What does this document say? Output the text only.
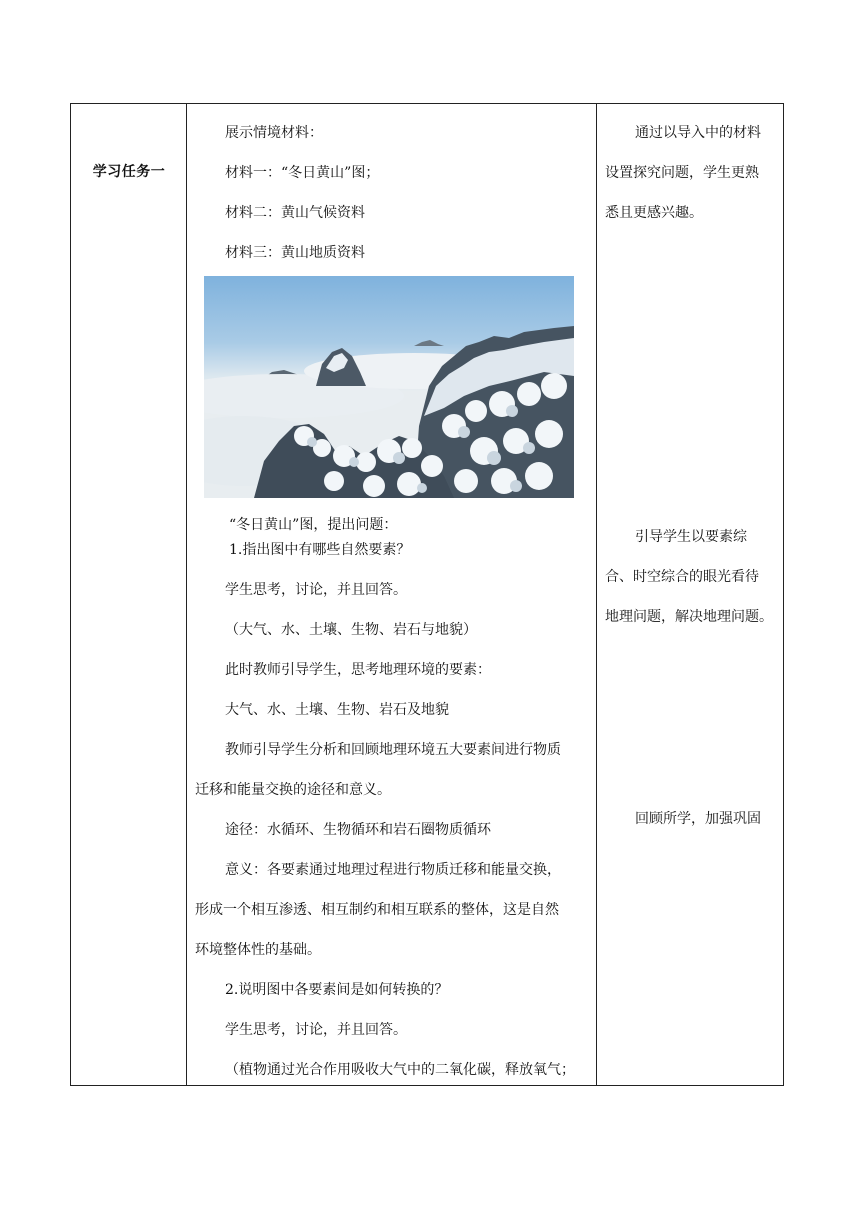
学习任务一
展示情境材料：
材料一：“冬日黄山”图；
材料二：黄山气候资料
材料三：黄山地质资料
“冬日黄山”图，提出问题：
1.指出图中有哪些自然要素？
学生思考，讨论，并且回答。
（大气、水、土壤、生物、岩石与地貌）
此时教师引导学生，思考地理环境的要素：
大气、水、土壤、生物、岩石及地貌
教师引导学生分析和回顾地理环境五大要素间进行物质
迁移和能量交换的途径和意义。
途径：水循环、生物循环和岩石圈物质循环
意义：各要素通过地理过程进行物质迁移和能量交换，
形成一个相互渗透、相互制约和相互联系的整体，这是自然
环境整体性的基础。
2.说明图中各要素间是如何转换的？
学生思考，讨论，并且回答。
（植物通过光合作用吸收大气中的二氧化碳，释放氧气；
通过以导入中的材料
设置探究问题，学生更熟
悉且更感兴趣。
引导学生以要素综
合、时空综合的眼光看待
地理问题，解决地理问题。
回顾所学，加强巩固
